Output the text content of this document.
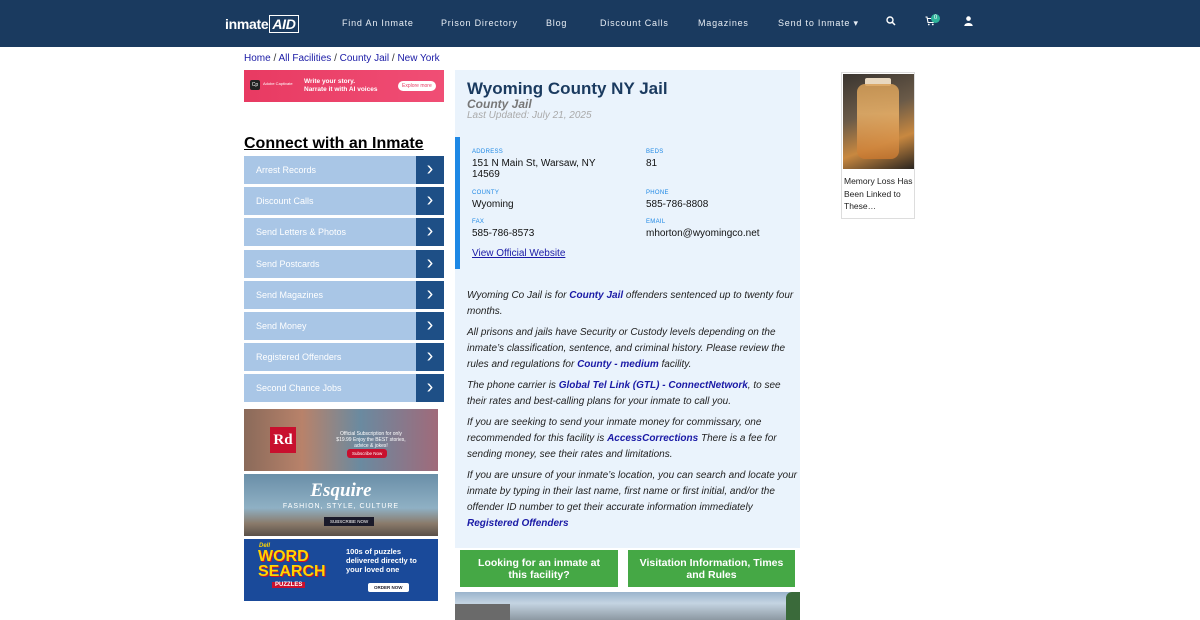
inmate AID	Find An Inmate	Prison Directory	Blog	Discount Calls	Magazines	Send to Inmate ▾	0
Home / All Facilities / County Jail / New York
Cp	Adobe Captivate Write your story.
Narrate it with AI voices	Explore more
Connect with an Inmate
Arrest Records	›
Discount Calls	›
Send Letters & Photos	›
Send Postcards	›
Send Magazines	›
Send Money	›
Registered Offenders	›
Second Chance Jobs	›
Rd	Official Subscription for only $19.99 Enjoy the BEST stories, advice & jokes!
Subscribe Now
Esquire
FASHION, STYLE, CULTURE
SUBSCRIBE NOW
Dell
WORD
SEARCH
PUZZLES
100s of puzzles delivered directly to your loved one
ORDER NOW
Wyoming County NY Jail
County Jail
Last Updated: July 21, 2025
ADDRESS
151 N Main St, Warsaw, NY
14569
BEDS
81
COUNTY
Wyoming
PHONE
585-786-8808
FAX
585-786-8573
EMAIL
mhorton@wyomingco.net
View Official Website
Wyoming Co Jail is for County Jail offenders sentenced up to twenty four months.
All prisons and jails have Security or Custody levels depending on the inmate’s classification, sentence, and criminal history. Please review the rules and regulations for County - medium facility.
The phone carrier is Global Tel Link (GTL) - ConnectNetwork, to see their rates and best-calling plans for your inmate to call you.
If you are seeking to send your inmate money for commissary, one recommended for this facility is AccessCorrections There is a fee for sending money, see their rates and limitations.
If you are unsure of your inmate’s location, you can search and locate your inmate by typing in their last name, first name or first initial, and/or the offender ID number to get their accurate information immediately Registered Offenders
Looking for an inmate at this facility?
Visitation Information, Times and Rules
Memory Loss Has Been Linked to These…
